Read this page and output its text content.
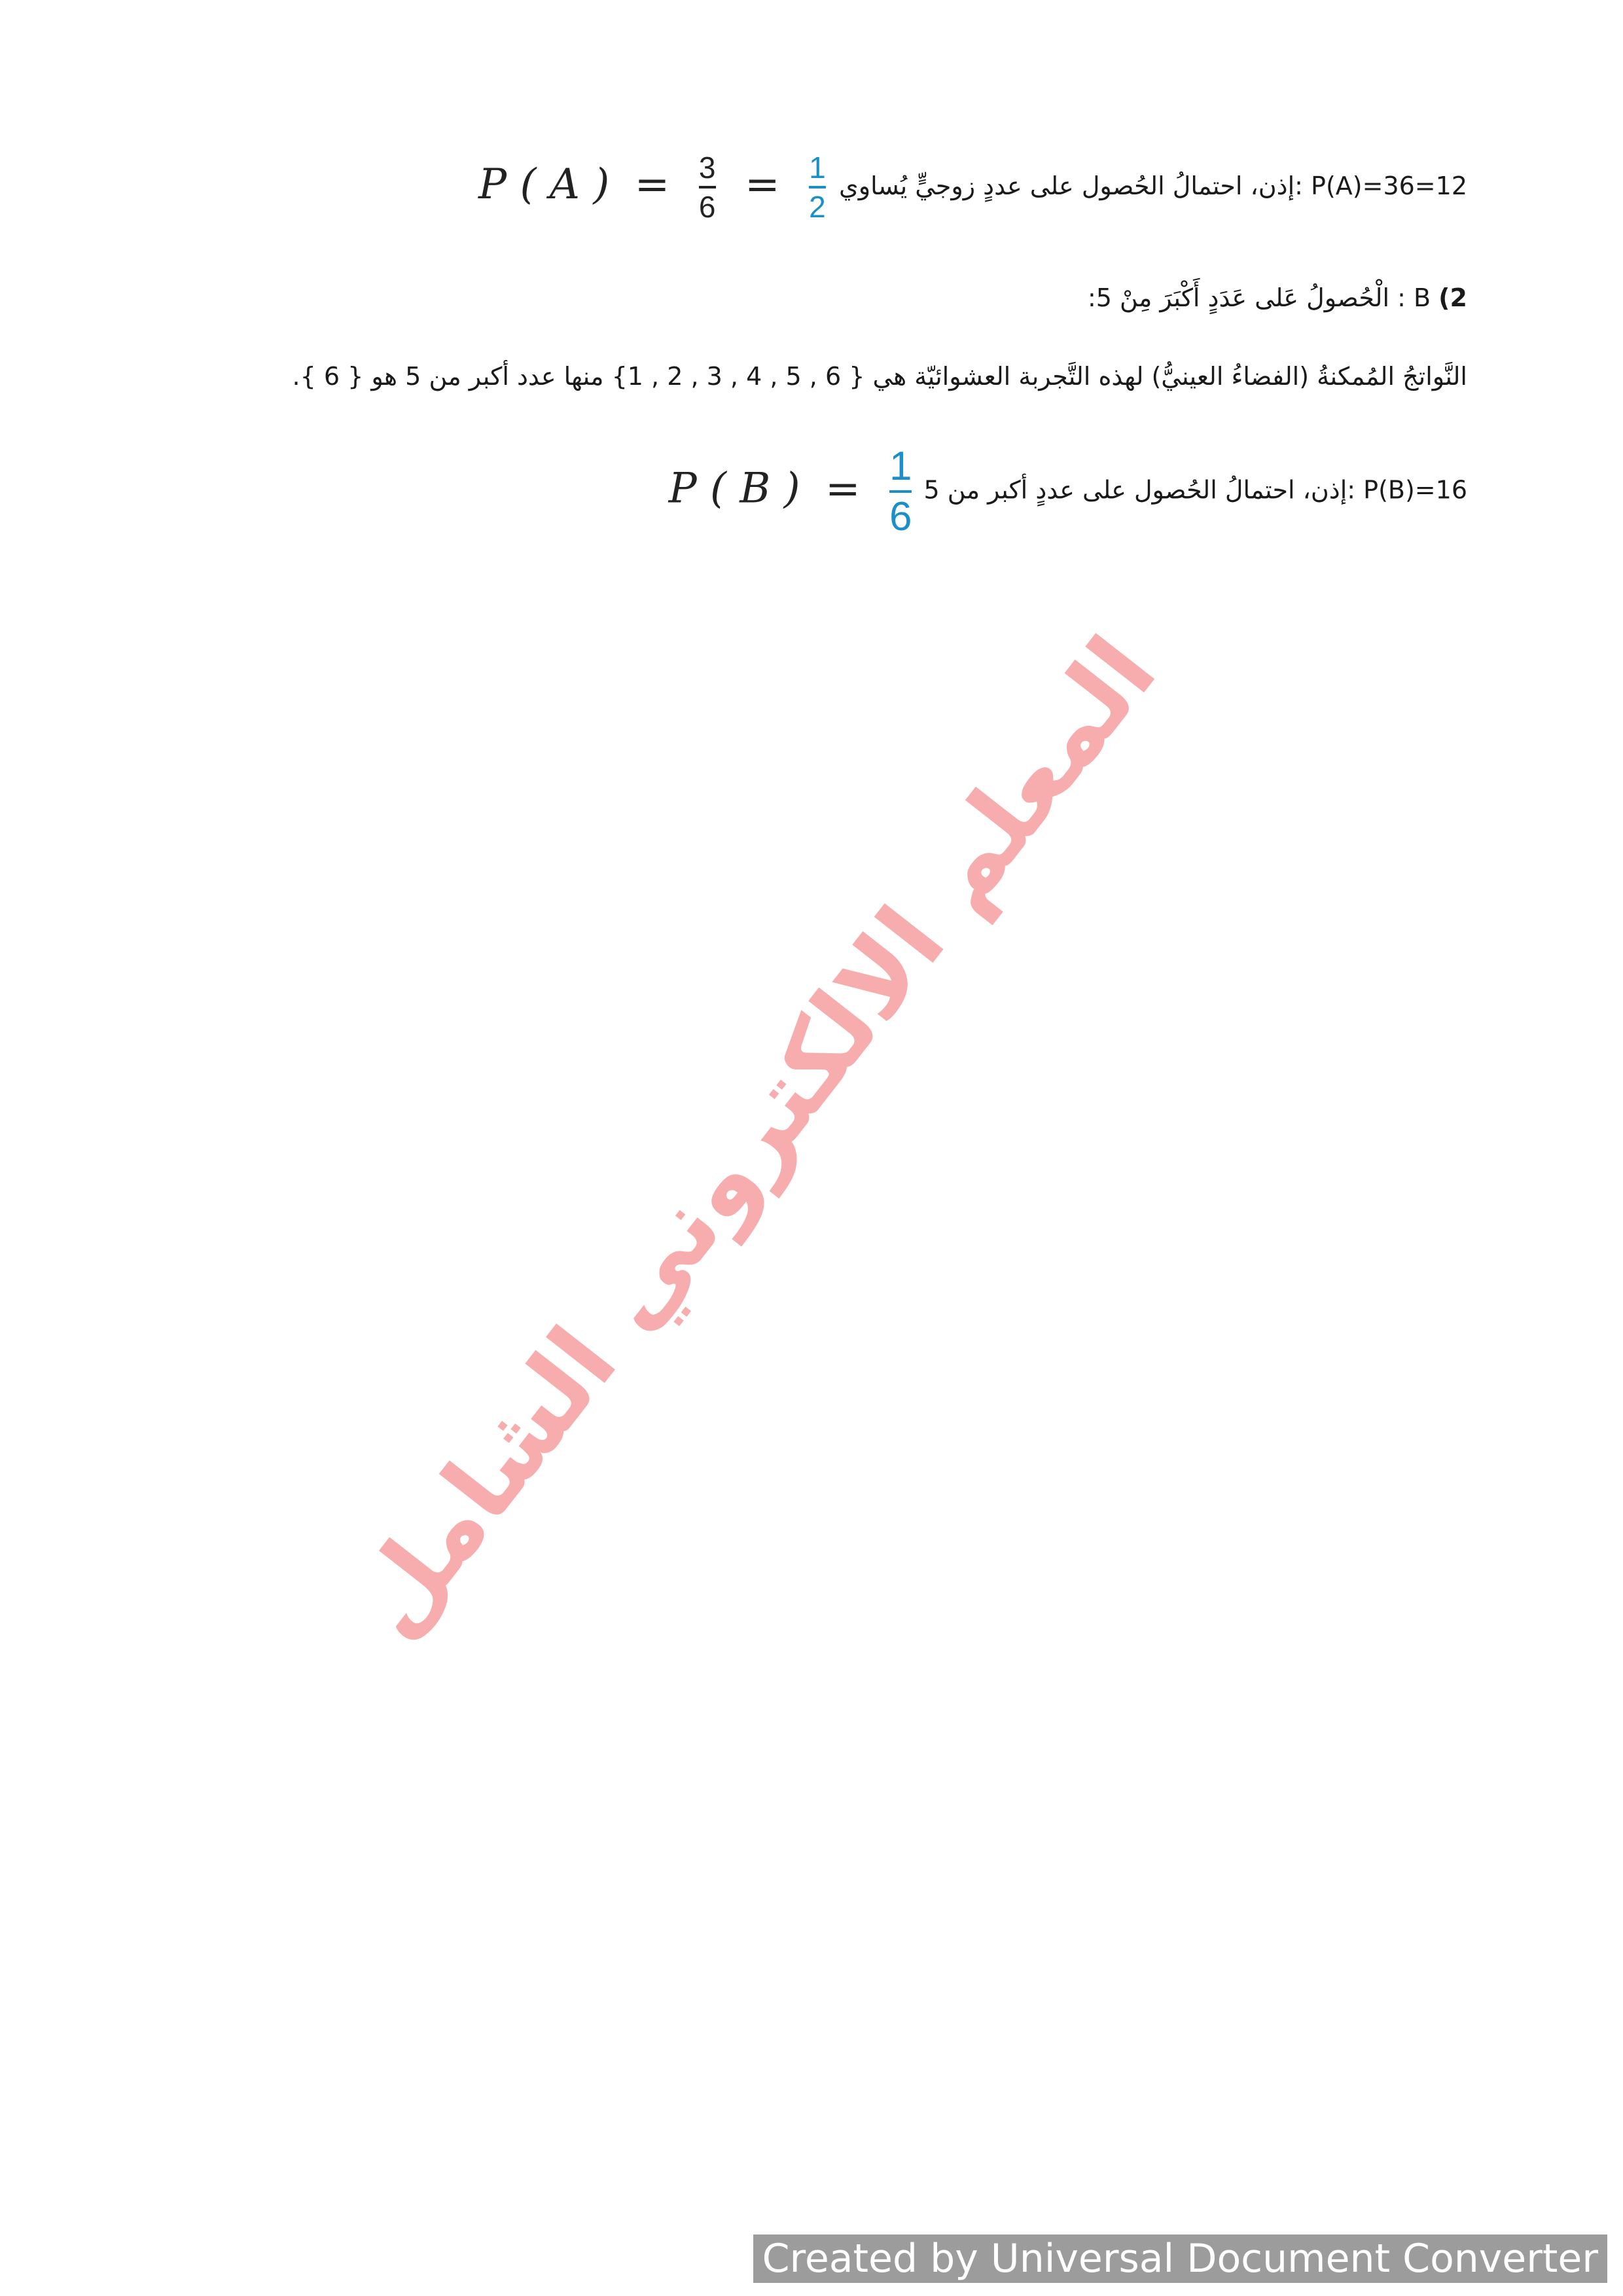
P(A)=36=12 :إذن، احتمالُ الحُصول على عددٍ زوجيٍّ يُساوي P ( A ) = $\frac{3}{6} = \frac{1}{2}$
2) B : الْحُصولُ عَلى عَدَدٍ أَكْبَرَ مِنْ 5:
النَّواتجُ المُمكنةُ (الفضاءُ العينيُّ) لهذه التَّجربة العشوائيّة هي { 6 , 5 , 4 , 3 , 2 , 1} منها عدد أكبر من 5 هو { 6 }.
P(B)=16 :إذن، احتمالُ الحُصول على عددٍ أكبر من 5 P ( B ) = $\frac{1}{6}$
المعلم الالكتروني الشامل
Created by Universal Document Converter
